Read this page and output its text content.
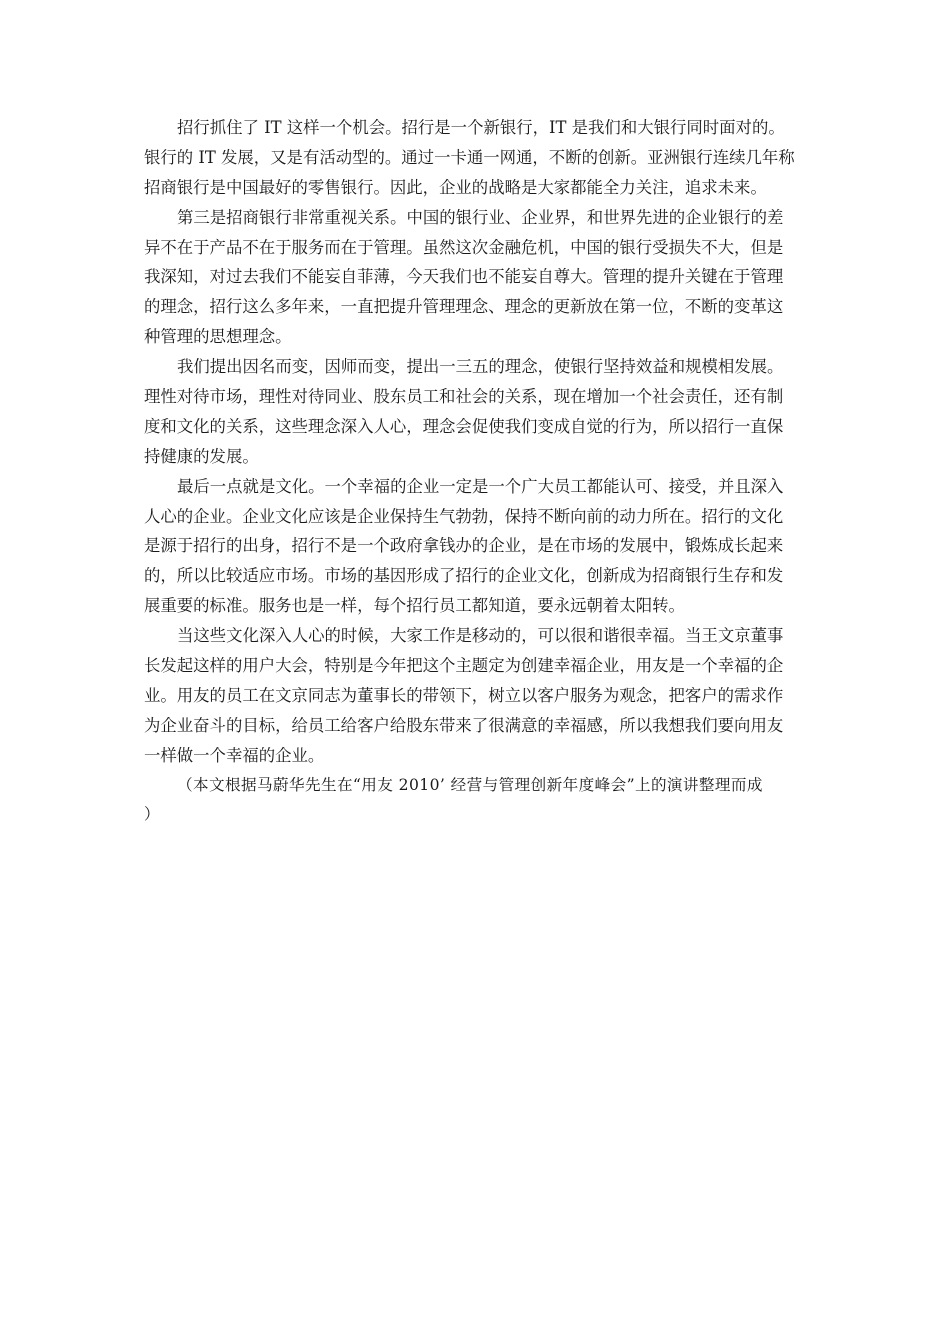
招行抓住了 IT 这样一个机会。招行是一个新银行，IT 是我们和大银行同时面对的。
银行的 IT 发展，又是有活动型的。通过一卡通一网通，不断的创新。亚洲银行连续几年称
招商银行是中国最好的零售银行。因此，企业的战略是大家都能全力关注，追求未来。
第三是招商银行非常重视关系。中国的银行业、企业界，和世界先进的企业银行的差
异不在于产品不在于服务而在于管理。虽然这次金融危机，中国的银行受损失不大，但是
我深知，对过去我们不能妄自菲薄，今天我们也不能妄自尊大。管理的提升关键在于管理
的理念，招行这么多年来，一直把提升管理理念、理念的更新放在第一位，不断的变革这
种管理的思想理念。
我们提出因名而变，因师而变，提出一三五的理念，使银行坚持效益和规模相发展。
理性对待市场，理性对待同业、股东员工和社会的关系，现在增加一个社会责任，还有制
度和文化的关系，这些理念深入人心，理念会促使我们变成自觉的行为，所以招行一直保
持健康的发展。
最后一点就是文化。一个幸福的企业一定是一个广大员工都能认可、接受，并且深入
人心的企业。企业文化应该是企业保持生气勃勃，保持不断向前的动力所在。招行的文化
是源于招行的出身，招行不是一个政府拿钱办的企业，是在市场的发展中，锻炼成长起来
的，所以比较适应市场。市场的基因形成了招行的企业文化，创新成为招商银行生存和发
展重要的标准。服务也是一样，每个招行员工都知道，要永远朝着太阳转。
当这些文化深入人心的时候，大家工作是移动的，可以很和谐很幸福。当王文京董事
长发起这样的用户大会，特别是今年把这个主题定为创建幸福企业，用友是一个幸福的企
业。用友的员工在文京同志为董事长的带领下，树立以客户服务为观念，把客户的需求作
为企业奋斗的目标，给员工给客户给股东带来了很满意的幸福感，所以我想我们要向用友
一样做一个幸福的企业。
（本文根据马蔚华先生在“用友 2010’ 经营与管理创新年度峰会”上的演讲整理而成
）
